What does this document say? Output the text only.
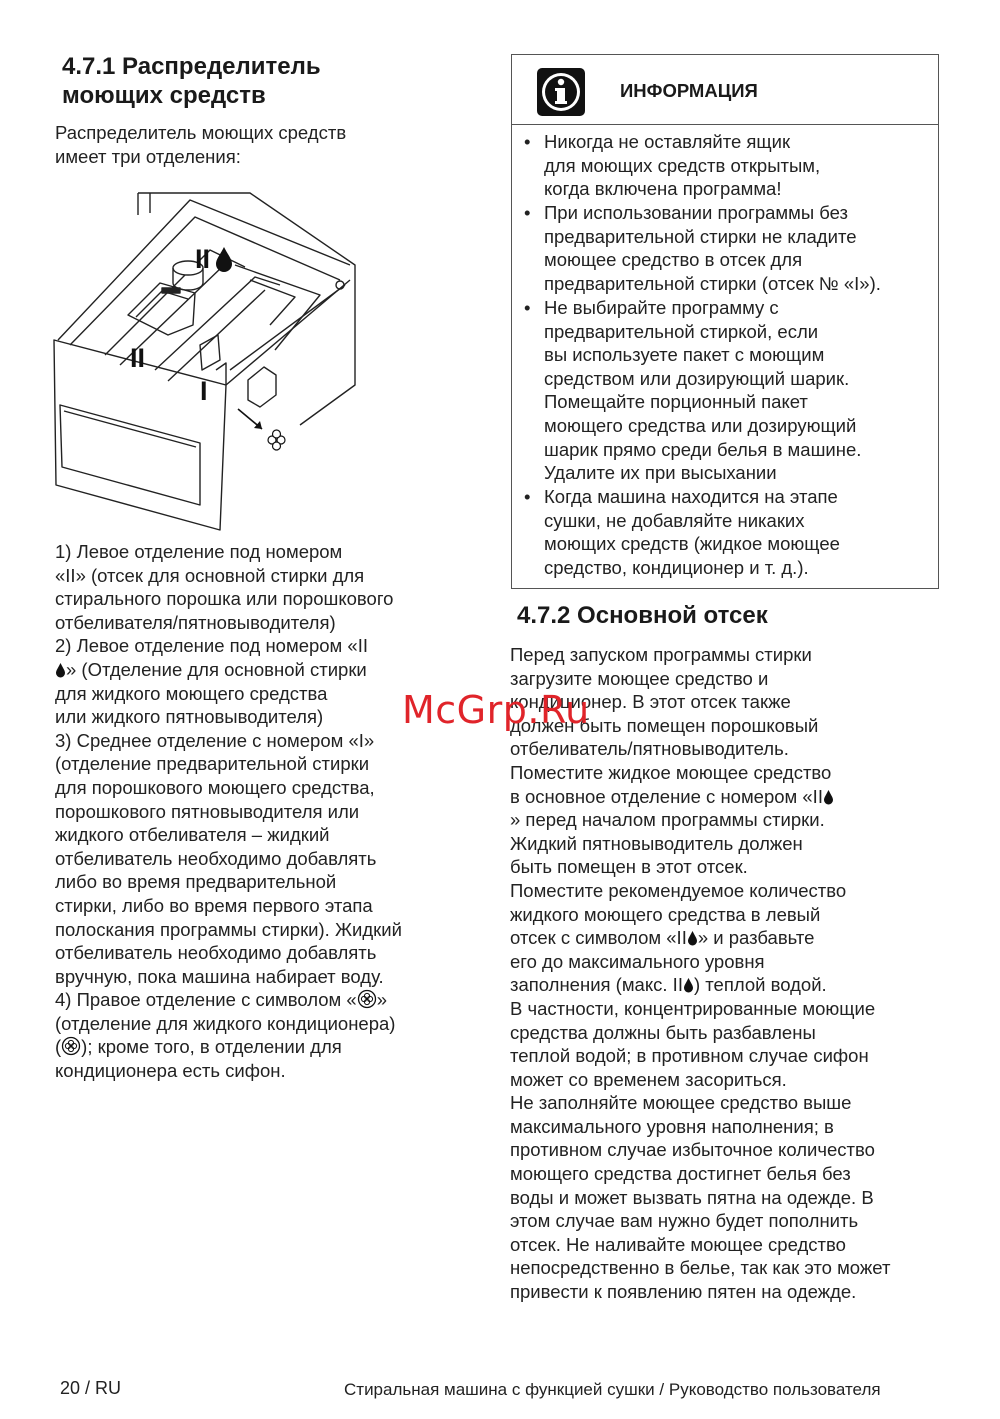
4.7.1 Распределитель
моющих средств
Распределитель моющих средств
имеет три отделения:
II
II
I
1) Левое отделение под номером
«II» (отсек для основной стирки для
стирального порошка или порошкового
отбеливателя/пятновыводителя)
2) Левое отделение под номером «II
» (Отделение для основной стирки
для жидкого моющего средства
или жидкого пятновыводителя)
3) Среднее отделение с номером «I»
(отделение предварительной стирки
для порошкового моющего средства,
порошкового пятновыводителя или
жидкого отбеливателя – жидкий
отбеливатель необходимо добавлять
либо во время предварительной
стирки, либо во время первого этапа
полоскания программы стирки). Жидкий
отбеливатель необходимо добавлять
вручную, пока машина набирает воду.
4) Правое отделение с символом « »
(отделение для жидкого кондиционера)
( ); кроме того, в отделении для
кондиционера есть сифон.
ИНФОРМАЦИЯ
• Никогда не оставляйте ящик
для моющих средств открытым,
когда включена программа!
• При использовании программы без
предварительной стирки не кладите
моющее средство в отсек для
предварительной стирки (отсек № «I»).
• Не выбирайте программу с
предварительной стиркой, если
вы используете пакет с моющим
средством или дозирующий шарик.
Помещайте порционный пакет
моющего средства или дозирующий
шарик прямо среди белья в машине.
Удалите их при высыхании
• Когда машина находится на этапе
сушки, не добавляйте никаких
моющих средств (жидкое моющее
средство, кондиционер и т. д.).
4.7.2 Основной отсек
Перед запуском программы стирки
загрузите моющее средство и
кондиционер. В этот отсек также
должен быть помещен порошковый
отбеливатель/пятновыводитель.
Поместите жидкое моющее средство
в основное отделение с номером «II
» перед началом программы стирки.
Жидкий пятновыводитель должен
быть помещен в этот отсек.
Поместите рекомендуемое количество
жидкого моющего средства в левый
отсек с символом «II » и разбавьте
его до максимального уровня
заполнения (макс. II ) теплой водой.
В частности, концентрированные моющие
средства должны быть разбавлены
теплой водой; в противном случае сифон
может со временем засориться.
Не заполняйте моющее средство выше
максимального уровня наполнения; в
противном случае избыточное количество
моющего средства достигнет белья без
воды и может вызвать пятна на одежде. В
этом случае вам нужно будет пополнить
отсек. Не наливайте моющее средство
непосредственно в белье, так как это может
привести к появлению пятен на одежде.
McGrp.Ru
20 / RU	Стиральная машина с функцией сушки / Руководство пользователя
